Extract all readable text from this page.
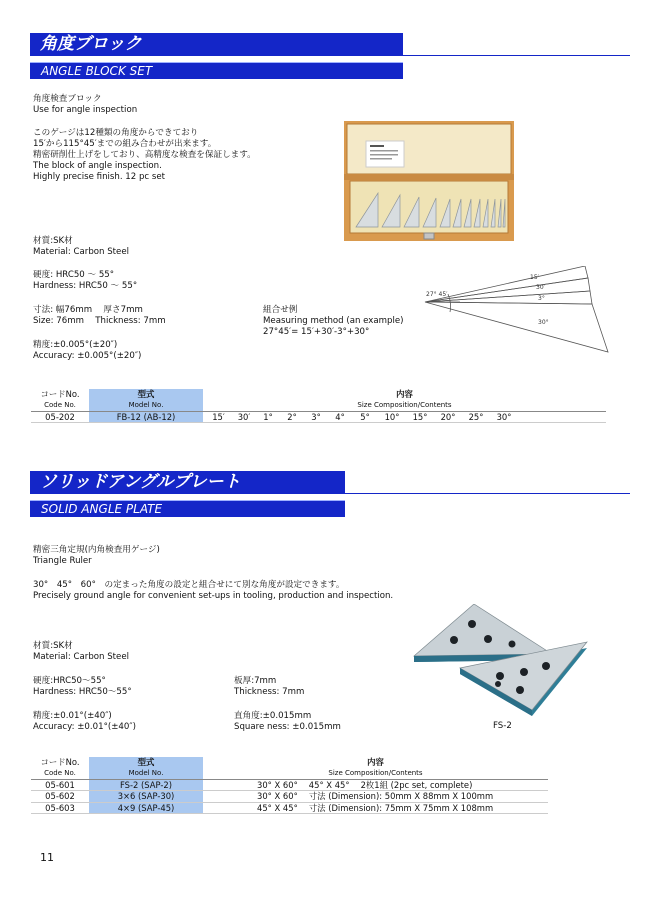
角度ブロック
ANGLE BLOCK SET
角度検査ブロック
Use for angle inspection
このゲージは12種類の角度からできており
15′から115°45′までの組み合わせが出来ます。
精密研削仕上げをしており、高精度な検査を保証します。
The block of angle inspection.
Highly precise finish. 12 pc set
材質:SK材
Material: Carbon Steel
硬度: HRC50 ～ 55°
Hardness: HRC50 ～ 55°
寸法: 幅76mm　 厚さ7mm
Size: 76mm　 Thickness: 7mm
精度:±0.005°(±20″)
Accuracy: ±0.005°(±20″)
組合せ例
Measuring method (an example)
27°45′= 15′+30′-3°+30°
27° 45′
15′
30′
3°
30°
コードNo.	型式	内容
Code No.	Model No.	Size Composition/Contents
05-202	FB-12 (AB-12)	15′ 30′ 1° 2° 3° 4° 5° 10° 15° 20° 25° 30°
ソリッドアングルプレート
SOLID ANGLE PLATE
精密三角定規(内角検査用ゲージ)
Triangle Ruler
30°　45°　60°　の定まった角度の設定と組合せにて別な角度が設定できます。
Precisely ground angle for convenient set-ups in tooling, production and inspection.
材質:SK材
Material: Carbon Steel
硬度:HRC50～55°
Hardness: HRC50～55°
板厚:7mm
Thickness: 7mm
精度:±0.01°(±40″)
Accuracy: ±0.01°(±40″)
直角度:±0.015mm
Square ness: ±0.015mm	FS-2
コードNo.	型式	内容
Code No.	Model No.	Size Composition/Contents
05-601	FS-2 (SAP-2)	30° X 60°　 45° X 45°　 2枚1組 (2pc set, complete)
05-602	3×6 (SAP-30)	30° X 60°　 寸法 (Dimension): 50mm X 88mm X 100mm
05-603	4×9 (SAP-45)	45° X 45°　 寸法 (Dimension): 75mm X 75mm X 108mm
11
